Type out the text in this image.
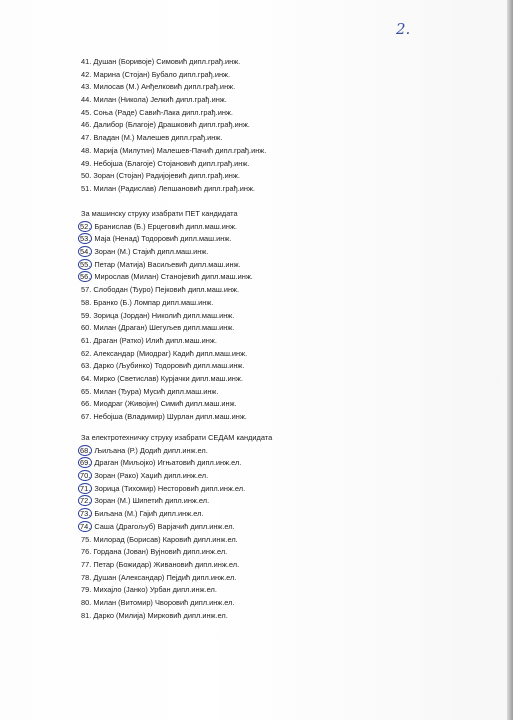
2.
41. Душан (Боривоје) Симовић дипл.грађ.инж.
42. Марина (Стојан) Бубало дипл.грађ.инж.
43. Милосав (М.) Анђелковић дипл.грађ.инж.
44. Милан (Никола) Јелкић дипл.грађ.инж.
45. Соња (Раде) Савић-Лака дипл.грађ.инж.
46. Далибор (Благоје) Драшковић дипл.грађ.инж.
47. Владан (М.) Малешев дипл.грађ.инж.
48. Марија (Милутин) Малешев-Пачић дипл.грађ.инж.
49. Небојша (Благоје) Стојановић дипл.грађ.инж.
50. Зоран (Стојан) Радијојевић дипл.грађ.инж.
51. Милан (Радислав) Лепшановић дипл.грађ.инж.
За машинску струку изабрати ПЕТ кандидата
52. Бранислав (Б.) Ерцеговић дипл.маш.инж.
53. Маја (Ненад) Тодоровић дипл.маш.инж.
54. Зоран (М.) Стајић дипл.маш.инж.
55. Петар (Матија) Васиљевић дипл.маш.инж.
56. Мирослав (Милан) Станојевић дипл.маш.инж.
57. Слободан (Ђуро) Пејковић дипл.маш.инж.
58. Бранко (Б.) Ломпар дипл.маш.инж.
59. Зорица (Јордан) Николић дипл.маш.инж.
60. Милан (Драган) Шегуљев дипл.маш.инж.
61. Драган (Ратко) Илић дипл.маш.инж.
62. Александар (Миодраг) Кадић дипл.маш.инж.
63. Дарко (Љубинко) Тодоровић дипл.маш.инж.
64. Мирко (Светислав) Курјачки дипл.маш.инж.
65. Милан (Ђура) Мусић дипл.маш.инж.
66. Миодраг (Живојин) Симић дипл.маш.инж.
67. Небојша (Владимир) Шурлан дипл.маш.инж.
За електротехничку струку изабрати СЕДАМ кандидата
68. Љиљана (Р.) Додић дипл.инж.ел.
69. Драган (Миљојко) Игњатовић дипл.инж.ел.
70. Зоран (Рако) Хаџић дипл.инж.ел.
71. Зорица (Тихомир) Несторовић дипл.инж.ел.
72. Зоран (М.) Шипетић дипл.инж.ел.
73. Биљана (М.) Гајић дипл.инж.ел.
74. Саша (Драгољуб) Варјачић дипл.инж.ел.
75. Милорад (Борисав) Каровић дипл.инж.ел.
76. Гордана (Јован) Вујновић дипл.инж.ел.
77. Петар (Божидар) Живановић дипл.инж.ел.
78. Душан (Александар) Пејдић дипл.инж.ел.
79. Михајло (Јанко) Урбан дипл.инж.ел.
80. Милан (Витомир) Чворовић дипл.инж.ел.
81. Дарко (Милија) Мирковић дипл.инж.ел.
